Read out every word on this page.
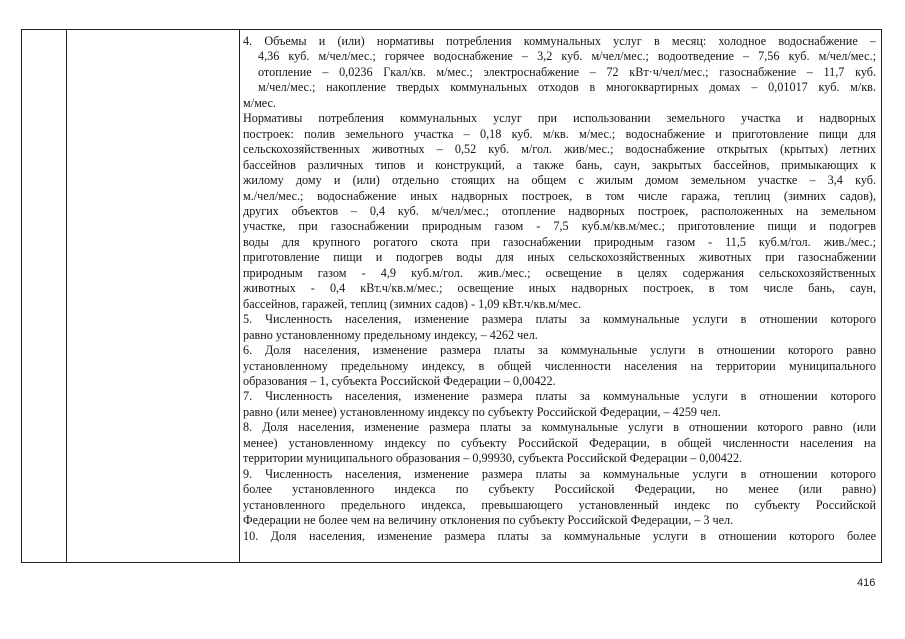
4. Объемы и (или) нормативы потребления коммунальных услуг в месяц: холодное водоснабжение –
4,36 куб. м/чел/мес.; горячее водоснабжение – 3,2 куб. м/чел/мес.; водоотведение – 7,56 куб. м/чел/мес.;
отопление – 0,0236 Гкал/кв. м/мес.; электроснабжение – 72 кВт·ч/чел/мес.; газоснабжение – 11,7 куб.
м/чел/мес.; накопление твердых коммунальных отходов в многоквартирных домах – 0,01017 куб. м/кв.
м/мес.
Нормативы потребления коммунальных услуг при использовании земельного участка и надворных
построек: полив земельного участка – 0,18 куб. м/кв. м/мес.; водоснабжение и приготовление пищи для
сельскохозяйственных животных – 0,52 куб. м/гол. жив/мес.; водоснабжение открытых (крытых) летних
бассейнов различных типов и конструкций, а также бань, саун, закрытых бассейнов, примыкающих к
жилому дому и (или) отдельно стоящих на общем с жилым домом земельном участке – 3,4 куб.
м./чел/мес.; водоснабжение иных надворных построек, в том числе гаража, теплиц (зимних садов),
других объектов – 0,4 куб. м/чел/мес.; отопление надворных построек, расположенных на земельном
участке, при газоснабжении природным газом - 7,5 куб.м/кв.м/мес.; приготовление пищи и подогрев
воды для крупного рогатого скота при газоснабжении природным газом - 11,5 куб.м/гол. жив./мес.;
приготовление пищи и подогрев воды для иных сельскохозяйственных животных при газоснабжении
природным газом - 4,9 куб.м/гол. жив./мес.; освещение в целях содержания сельскохозяйственных
животных - 0,4 кВт.ч/кв.м/мес.; освещение иных надворных построек, в том числе бань, саун,
бассейнов, гаражей, теплиц (зимних садов) - 1,09 кВт.ч/кв.м/мес.
5. Численность населения, изменение размера платы за коммунальные услуги в отношении которого
равно установленному предельному индексу, – 4262 чел.
6. Доля населения, изменение размера платы за коммунальные услуги в отношении которого равно
установленному предельному индексу, в общей численности населения на территории муниципального
образования – 1, субъекта Российской Федерации – 0,00422.
7. Численность населения, изменение размера платы за коммунальные услуги в отношении которого
равно (или менее) установленному индексу по субъекту Российской Федерации, – 4259 чел.
8. Доля населения, изменение размера платы за коммунальные услуги в отношении которого равно (или
менее) установленному индексу по субъекту Российской Федерации, в общей численности населения на
территории муниципального образования – 0,99930, субъекта Российской Федерации – 0,00422.
9. Численность населения, изменение размера платы за коммунальные услуги в отношении которого
более установленного индекса по субъекту Российской Федерации, но менее (или равно)
установленного предельного индекса, превышающего установленный индекс по субъекту Российской
Федерации не более чем на величину отклонения по субъекту Российской Федерации, – 3 чел.
10. Доля населения, изменение размера платы за коммунальные услуги в отношении которого более
416
